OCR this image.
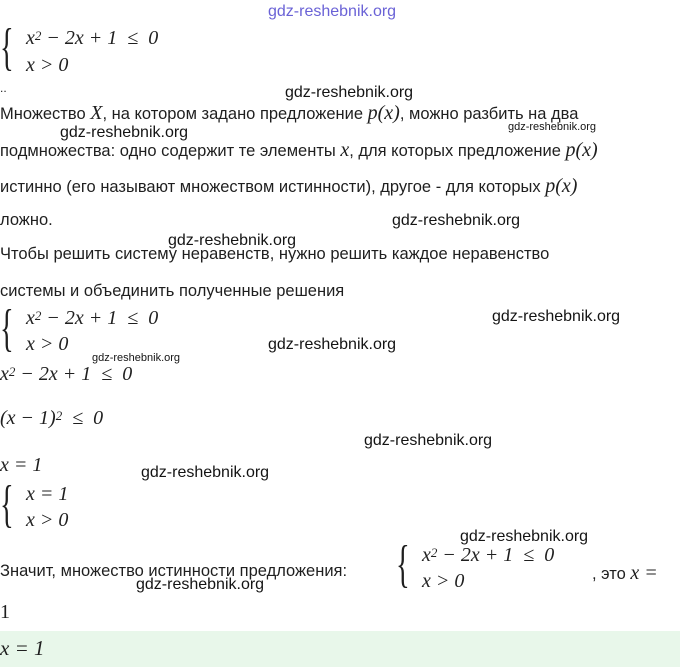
gdz-reshebnik.org
{ $x^2 - 2x + 1 \le 0$
x > 0
..	gdz-reshebnik.org
Множество X, на котором задано предложение p(x), можно разбить на два
gdz-reshebnik.org	gdz-reshebnik.org
подмножества: одно содержит те элементы x, для которых предложение p(x)
истинно (его называют множеством истинности), другое - для которых p(x)
ложно.	gdz-reshebnik.org
gdz-reshebnik.org
Чтобы решить систему неравенств, нужно решить каждое неравенство
системы и объединить полученные решения
{ $x^2 - 2x + 1 \le 0$
x > 0
gdz-reshebnik.org
gdz-reshebnik.org
gdz-reshebnik.org
$x^2 - 2x + 1 \le 0$
$(x - 1)^2 \le 0$
gdz-reshebnik.org
x = 1	gdz-reshebnik.org
{ x = 1
x > 0
gdz-reshebnik.org
Значит, множество истинности предложения: { $x^2 - 2x + 1 \le 0$
x > 0	, это x =
gdz-reshebnik.org
1
x = 1
